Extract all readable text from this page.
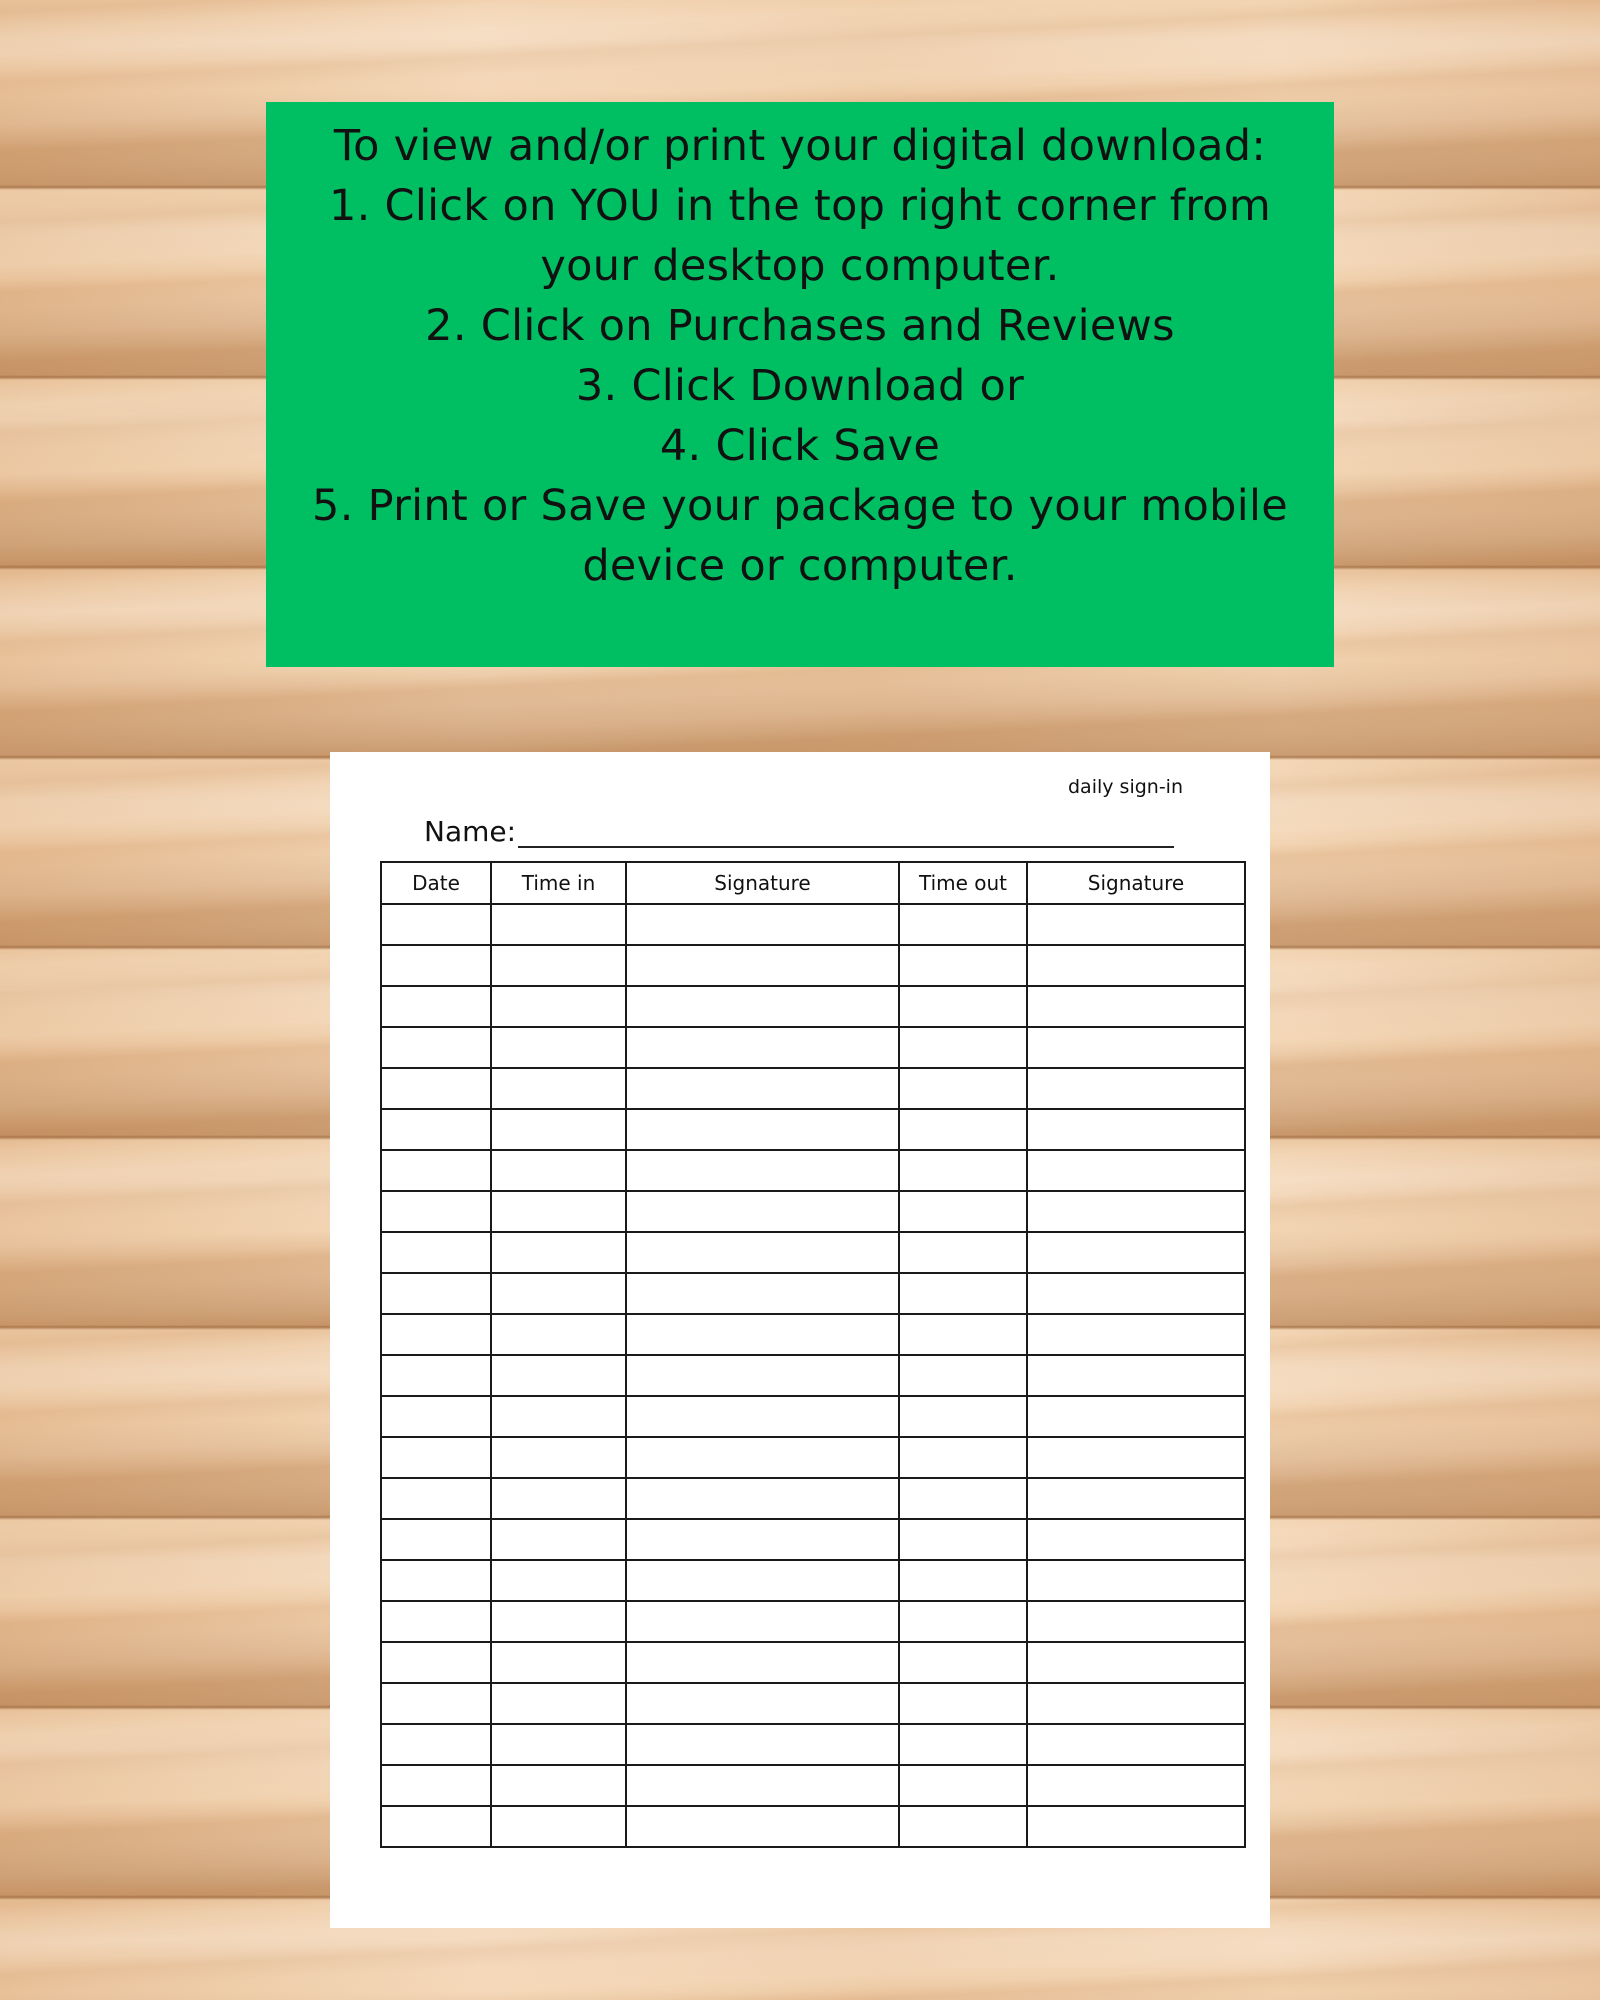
To view and/or print your digital download:
1. Click on YOU in the top right corner from
your desktop computer.
2. Click on Purchases and Reviews
3. Click Download or
4. Click Save
5. Print or Save your package to your mobile
device or computer.
daily sign-in
Name:
Date	Time in	Signature	Time out	Signature
